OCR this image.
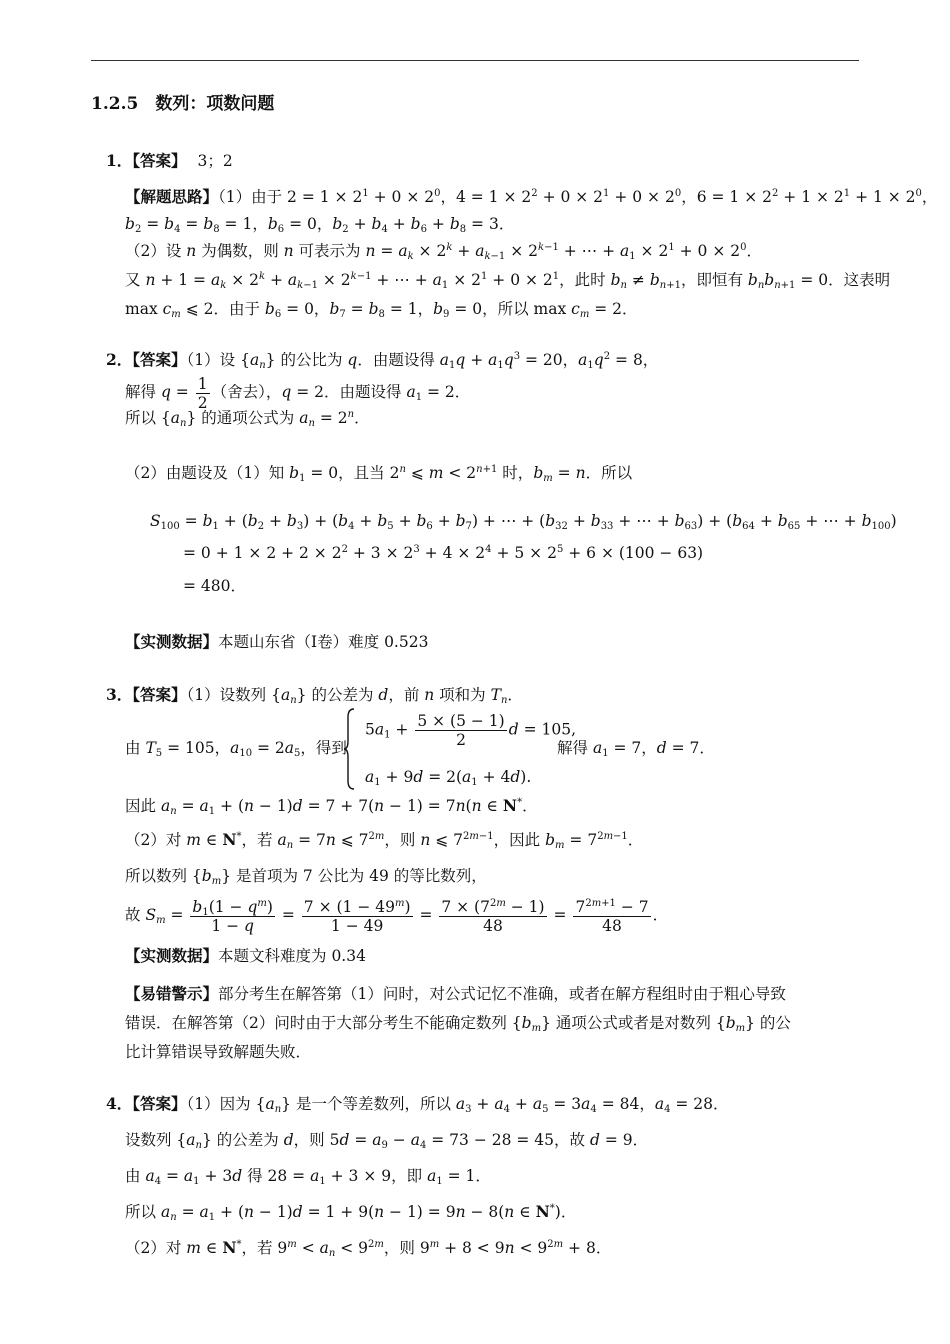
1.2.5　数列：项数问题
1．【答案】 3；2
【解题思路】（1）由于 $2 = 1 \times 2^1 + 0 \times 2^0$，$4 = 1 \times 2^2 + 0 \times 2^1 + 0 \times 2^0$，$6 = 1 \times 2^2 + 1 \times 2^1 + 1 \times 2^0$，
$b_2 = b_4 = b_8 = 1$，$b_6 = 0$，$b_2 + b_4 + b_6 + b_8 = 3$．
（2）设 n 为偶数，则 n 可表示为 $n = a_k \times 2^k + a_{k-1} \times 2^{k-1}$ + ⋯ + $a_1 \times 2^1 + 0 \times 2^0$．
又 $n + 1 = a_k \times 2^k + a_{k-1} \times 2^{k-1}$ + ⋯ + $a_1 \times 2^1 + 0 \times 2^1$，此时 $b_n \ne b_{n+1}$，即恒有 $b_nb_{n+1} = 0$．这表明
$\max c_m$ ⩽ 2．由于 $b_6 = 0$，$b_7 = b_8 = 1$，$b_9 = 0$，所以 $\max c_m = 2$．
2．【答案】（1）设 $\{a_n\}$ 的公比为 q．由题设得 $a_1q + a_1q^3 = 20$，$a_1q^2 = 8$，
解得 $q = \frac{1}{2}$ （舍去），q = 2．由题设得 $a_1 = 2$．
所以 $\{a_n\}$ 的通项公式为 $a_n = 2^n$．
（2）由题设及（1）知 $b_1 = 0$，且当 2$^n$ ⩽ $m < 2^{n+1}$ 时，$b_m = n$．所以
$S_{100} = b_1 + (b_2 + b_3) + (b_4 + b_5 + b_6 + b_7)$ + ⋯ + ($b_{32} + b_{33}$ + ⋯ + $b_{63}) + (b_{64} + b_{65}$ + ⋯ + $b_{100}$)
= $0 + 1 \times 2 + 2 \times 2^2 + 3 \times 2^3 + 4 \times 2^4 + 5 \times 2^5 + 6 \times (100 - 63)$
= 480．
【实测数据】本题山东省（Ⅰ卷）难度 0.523
3．【答案】（1）设数列 $\{a_n\}$ 的公差为 d，前 n 项和为 $T_n$．
由 $T_5 = 105$，$a_{10} = 2a_5$，得到
$5a_1 + \frac{5 \times (5 - 1)}{2}$ d = 105,
$a_1 + 9d = 2(a_1 + 4d)$.
解得 $a_1 = 7$，d = 7．
因此 $a_n = a_1 + (n - 1)d = 7 + 7(n - 1) = 7n(n$ ∈ N*．
（2）对 m ∈ N*，若 $a_n = 7n$ ⩽ $7^{2m}$，则 n ⩽ $7^{2m-1}$，因此 $b_m = 7^{2m-1}$．
所以数列 $\{b_m\}$ 是首项为 7 公比为 49 的等比数列，
故 $S_m = \frac{b_1(1 - q^m)}{1 - q} = \frac{7 \times (1 - 49^m)}{1 - 49} = \frac{7 \times (7^{2m} - 1)}{48} = \frac{7^{2m+1} - 7}{48}$ ．
【实测数据】本题文科难度为 0.34
【易错警示】部分考生在解答第（1）问时，对公式记忆不准确，或者在解方程组时由于粗心导致
错误．在解答第（2）问时由于大部分考生不能确定数列 $\{b_m\}$ 通项公式或者是对数列 $\{b_m\}$ 的公
比计算错误导致解题失败．
4．【答案】（1）因为 $\{a_n\}$ 是一个等差数列，所以 $a_3 + a_4 + a_5 = 3a_4 = 84$，$a_4 = 28$．
设数列 $\{a_n\}$ 的公差为 d，则 $5d = a_9 - a_4 = 73 - 28 = 45$，故 d = 9．
由 $a_4 = a_1 + 3d$ 得 $28 = a_1 + 3 \times 9$，即 $a_1 = 1$．
所以 $a_n = a_1 + (n - 1)d = 1 + 9(n - 1) = 9n - 8(n$ ∈ N*)．
（2）对 m ∈ N*，若 $9^m < a_n < 9^{2m}$，则 $9^m + 8 < 9n < 9^{2m} + 8$．
